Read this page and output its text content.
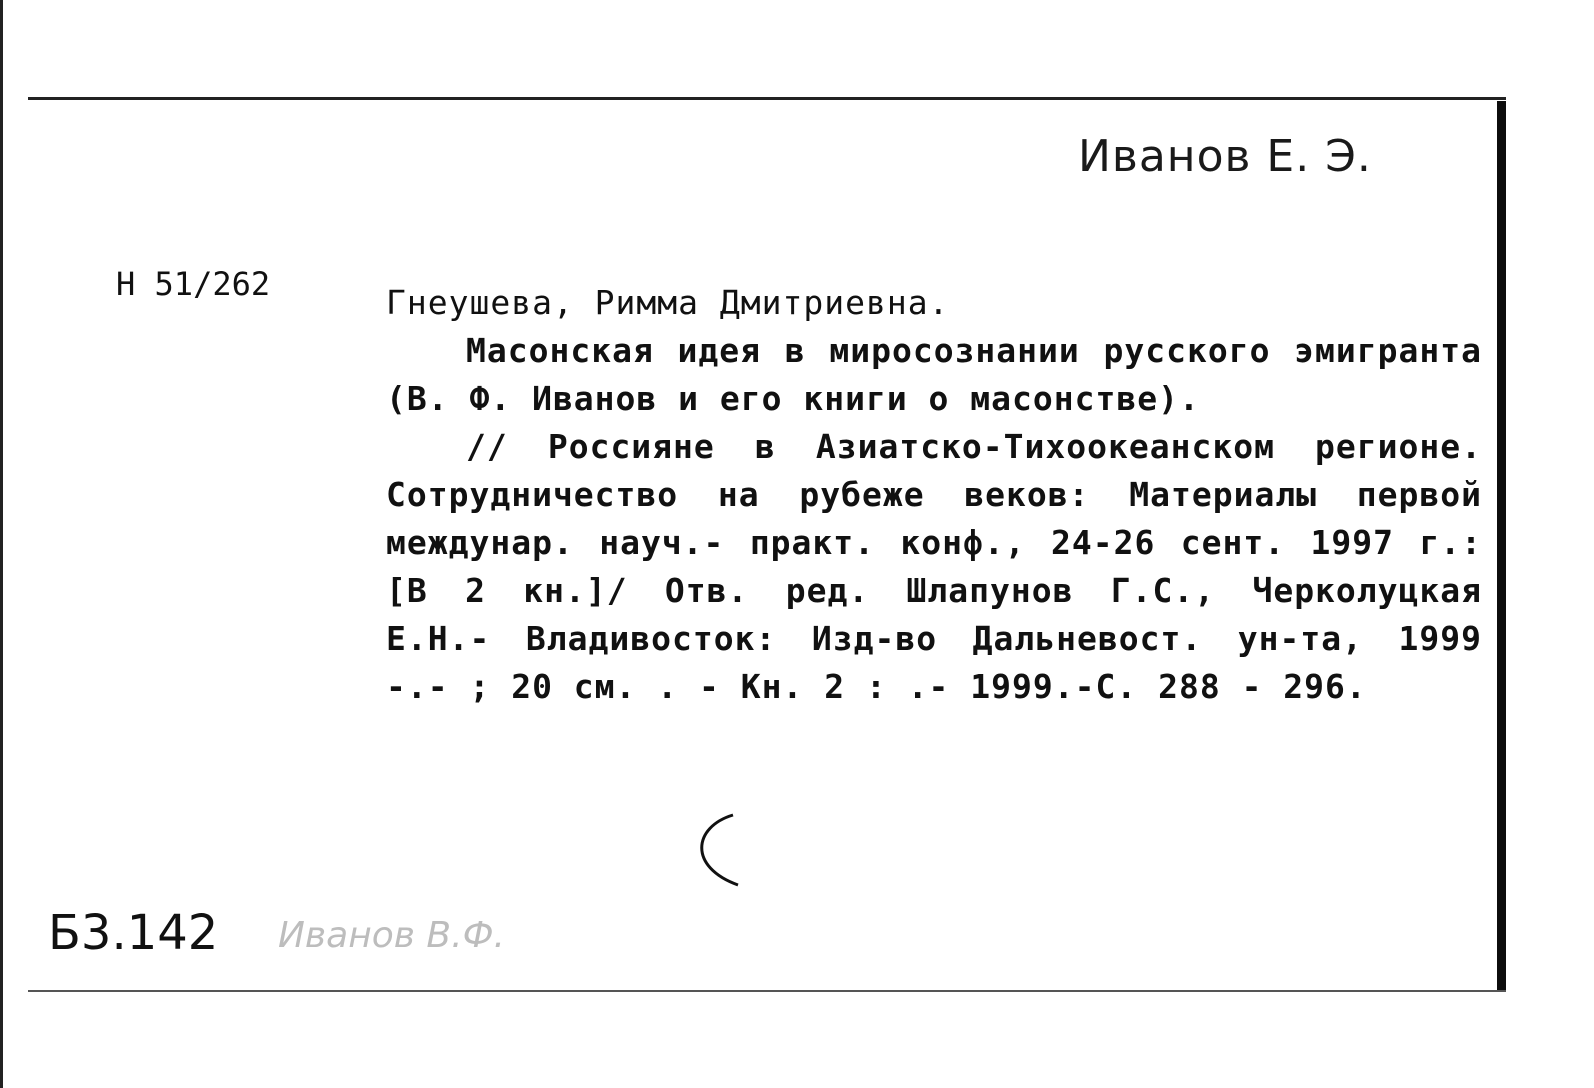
Иванов Е. Э.
Н 51/262	Гнеушева, Римма Дмитриевна.

Масонская идея в миросознании русского эмигранта (В. Ф. Иванов и его книги о масонстве).

// Россияне в Азиатско-Тихоокеанском регионе. Сотрудничество на рубеже веков: Материалы первой междунар. науч.- практ. конф., 24-26 сент. 1997 г.: [В 2 кн.]/ Отв. ред. Шлапунов Г.С., Черколуцкая Е.Н.- Владивосток: Изд-во Дальневост. ун-та, 1999 -.- ; 20 см. . - Кн. 2 : .- 1999.-С. 288 - 296.

Б3.142 Иванов В.Ф.
